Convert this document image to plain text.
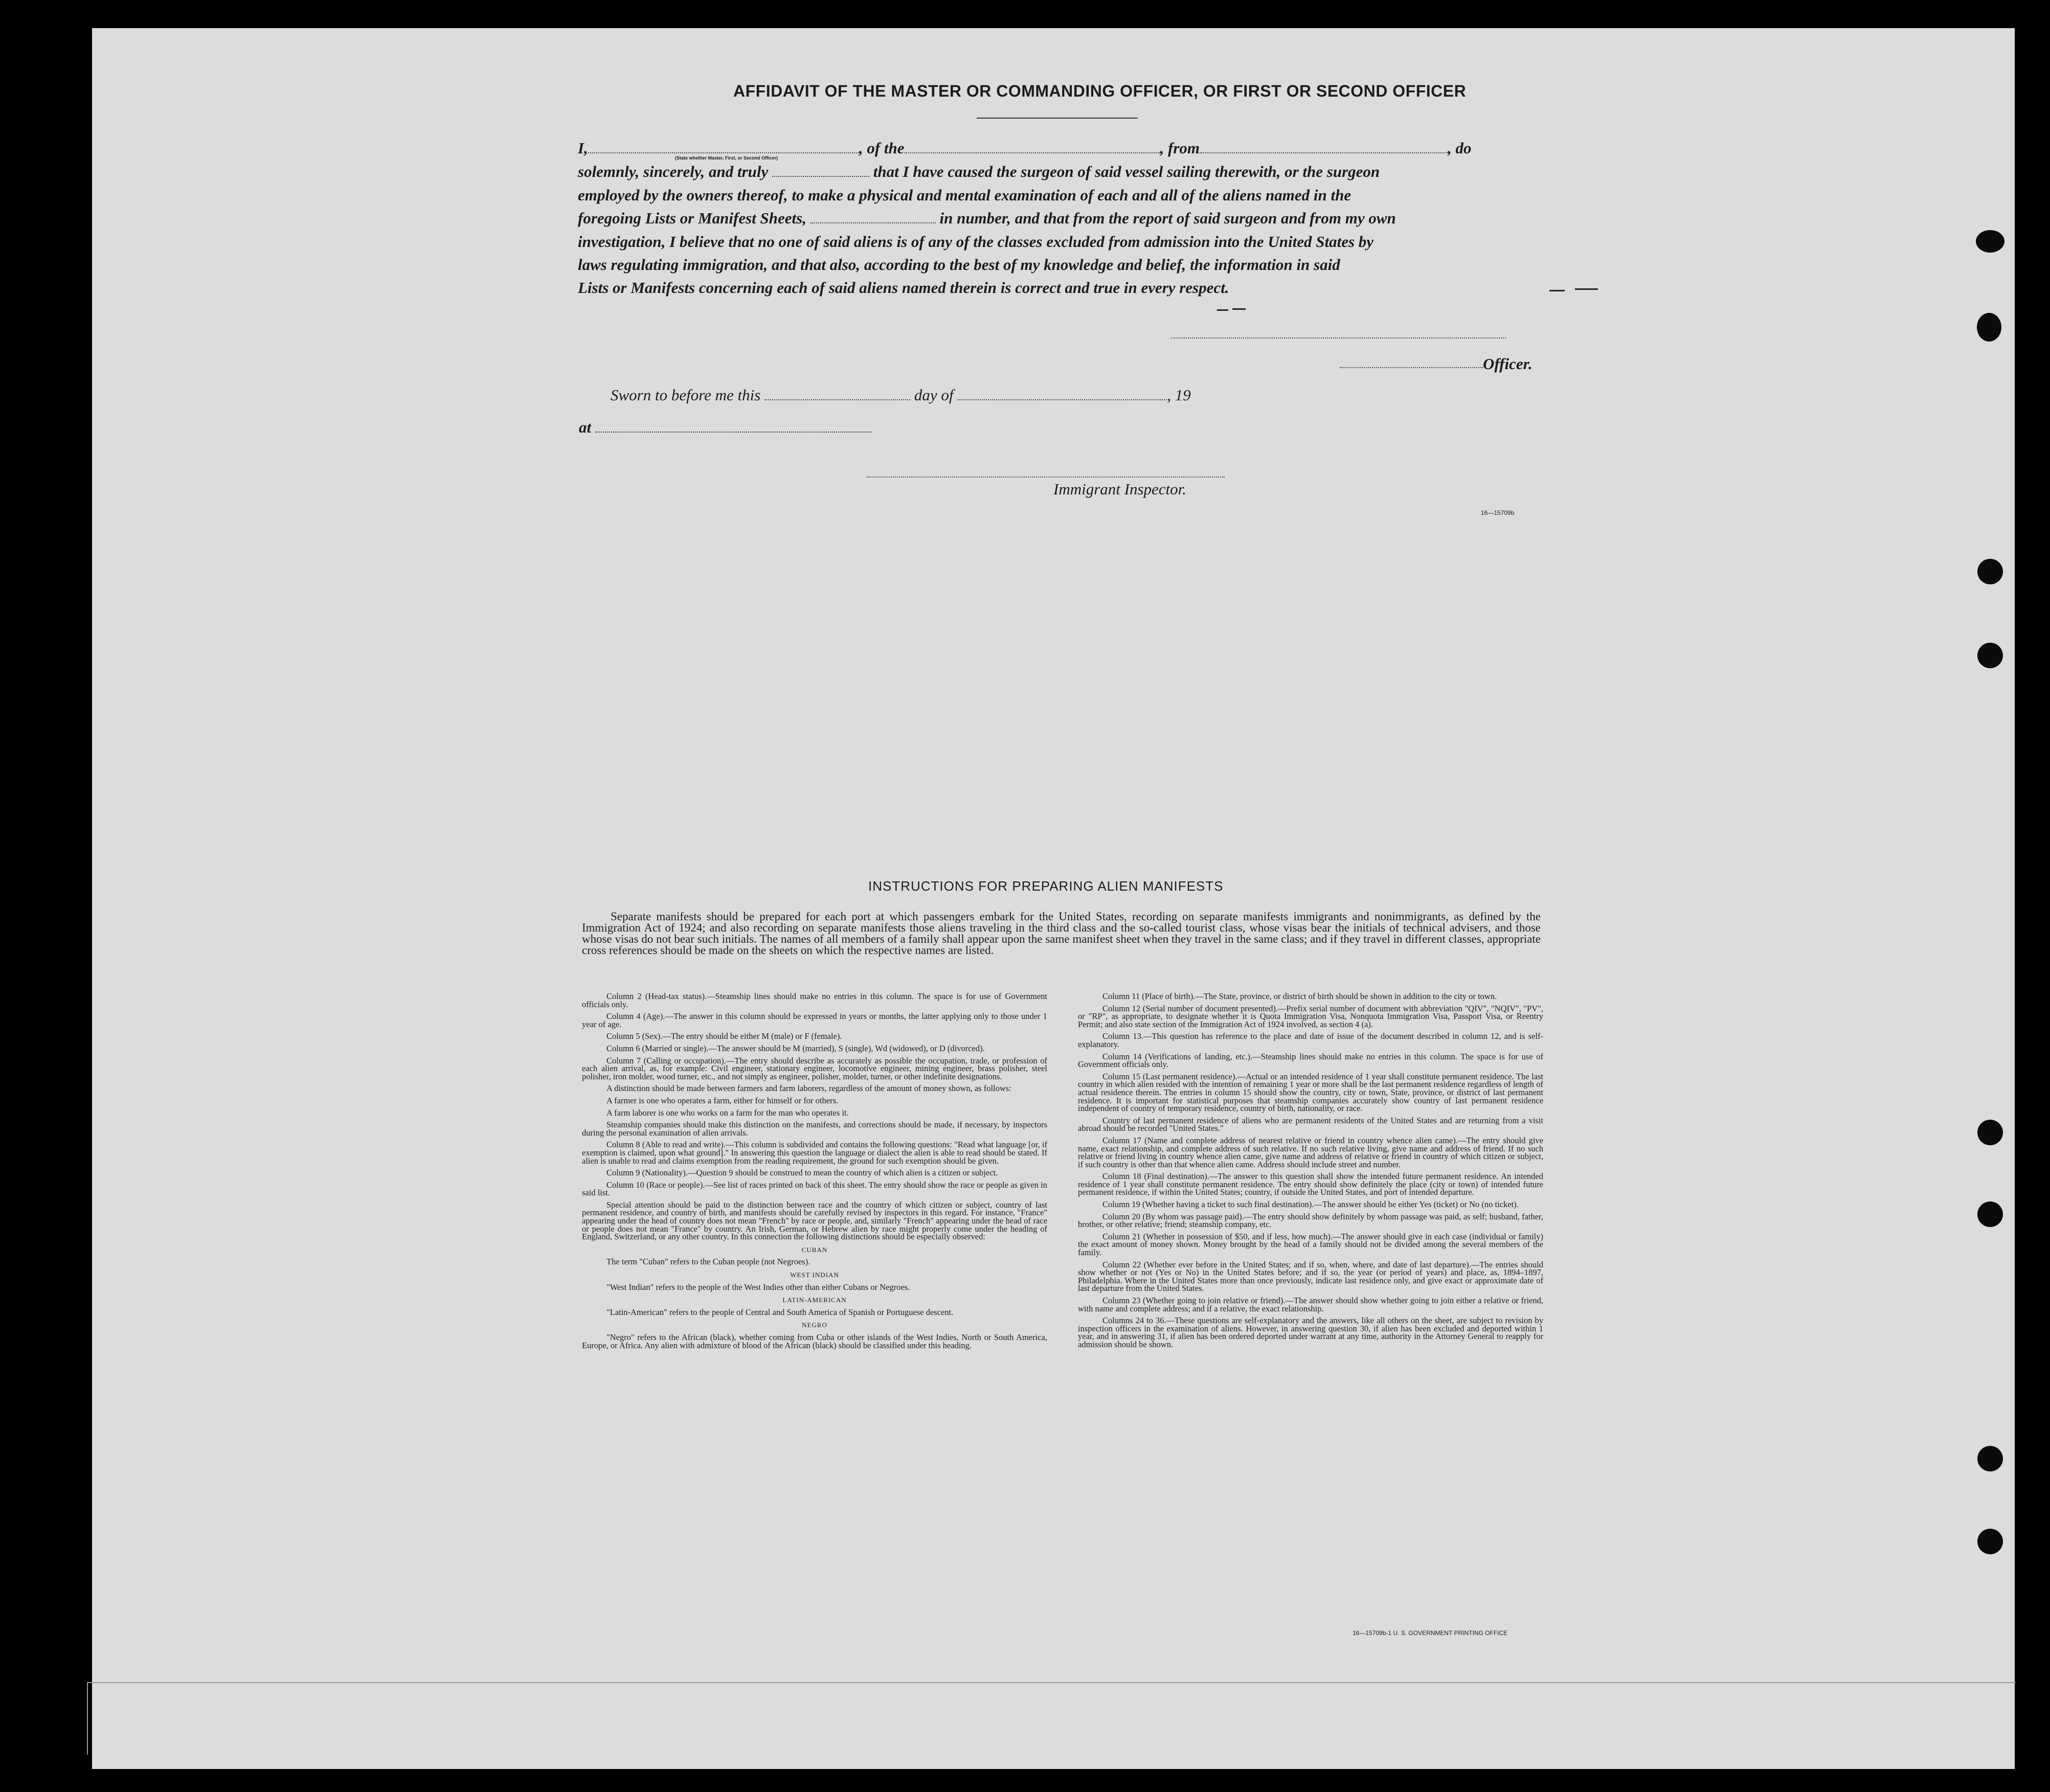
AFFIDAVIT OF THE MASTER OR COMMANDING OFFICER, OR FIRST OR SECOND OFFICER
I,	, of the	, from	, do
(State whether Master, First, or Second Officer)
solemnly, sincerely, and truly	that I have caused the surgeon of said vessel sailing therewith, or the surgeon
employed by the owners thereof, to make a physical and mental examination of each and all of the aliens named in the
foregoing Lists or Manifest Sheets,	in number, and that from the report of said surgeon and from my own
investigation, I believe that no one of said aliens is of any of the classes excluded from admission into the United States by
laws regulating immigration, and that also, according to the best of my knowledge and belief, the information in said
Lists or Manifests concerning each of said aliens named therein is correct and true in every respect.
Officer.
Sworn to before me this	day of	, 19
at
Immigrant Inspector.
16—15709b
INSTRUCTIONS FOR PREPARING ALIEN MANIFESTS

Separate manifests should be prepared for each port at which passengers embark for the United States, recording on separate manifests immigrants and nonimmigrants, as defined by the Immigration Act of 1924; and also recording on separate manifests those aliens traveling in the third class and the so-called tourist class, whose visas bear the initials of technical advisers, and those whose visas do not bear such initials. The names of all members of a family shall appear upon the same manifest sheet when they travel in the same class; and if they travel in different classes, appropriate cross references should be made on the sheets on which the respective names are listed.

Column 2 (Head-tax status).—Steamship lines should make no entries in this column. The space is for use of Government officials only.

Column 4 (Age).—The answer in this column should be expressed in years or months, the latter applying only to those under 1 year of age.

Column 5 (Sex).—The entry should be either M (male) or F (female).

Column 6 (Married or single).—The answer should be M (married), S (single), Wd (widowed), or D (divorced).

Column 7 (Calling or occupation).—The entry should describe as accurately as possible the occupation, trade, or profession of each alien arrival, as, for example: Civil engineer, stationary engineer, locomotive engineer, mining engineer, brass polisher, steel polisher, iron molder, wood turner, etc., and not simply as engineer, polisher, molder, turner, or other indefinite designations.

A distinction should be made between farmers and farm laborers, regardless of the amount of money shown, as follows:

A farmer is one who operates a farm, either for himself or for others.

A farm laborer is one who works on a farm for the man who operates it.

Steamship companies should make this distinction on the manifests, and corrections should be made, if necessary, by inspectors during the personal examination of alien arrivals.

Column 8 (Able to read and write).—This column is subdivided and contains the following questions: "Read what language [or, if exemption is claimed, upon what ground]." In answering this question the language or dialect the alien is able to read should be stated. If alien is unable to read and claims exemption from the reading requirement, the ground for such exemption should be given.

Column 9 (Nationality).—Question 9 should be construed to mean the country of which alien is a citizen or subject.

Column 10 (Race or people).—See list of races printed on back of this sheet. The entry should show the race or people as given in said list.

Special attention should be paid to the distinction between race and the country of which citizen or subject, country of last permanent residence, and country of birth, and manifests should be carefully revised by inspectors in this regard. For instance, "France" appearing under the head of country does not mean "French" by race or people, and, similarly "French" appearing under the head of race or people does not mean "France" by country. An Irish, German, or Hebrew alien by race might properly come under the heading of England, Switzerland, or any other country. In this connection the following distinctions should be especially observed:

CUBAN

The term "Cuban" refers to the Cuban people (not Negroes).

WEST INDIAN

"West Indian" refers to the people of the West Indies other than either Cubans or Negroes.

LATIN-AMERICAN

"Latin-American" refers to the people of Central and South America of Spanish or Portuguese descent.

NEGRO

"Negro" refers to the African (black), whether coming from Cuba or other islands of the West Indies, North or South America, Europe, or Africa. Any alien with admixture of blood of the African (black) should be classified under this heading.

Column 11 (Place of birth).—The State, province, or district of birth should be shown in addition to the city or town.

Column 12 (Serial number of document presented).—Prefix serial number of document with abbreviation "QIV", "NQIV", "PV", or "RP", as appropriate, to designate whether it is Quota Immigration Visa, Nonquota Immigration Visa, Passport Visa, or Reentry Permit; and also state section of the Immigration Act of 1924 involved, as section 4 (a).

Column 13.—This question has reference to the place and date of issue of the document described in column 12, and is self-explanatory.

Column 14 (Verifications of landing, etc.).—Steamship lines should make no entries in this column. The space is for use of Government officials only.

Column 15 (Last permanent residence).—Actual or an intended residence of 1 year shall constitute permanent residence. The last country in which alien resided with the intention of remaining 1 year or more shall be the last permanent residence regardless of length of actual residence therein. The entries in column 15 should show the country, city or town, State, province, or district of last permanent residence. It is important for statistical purposes that steamship companies accurately show country of last permanent residence independent of country of temporary residence, country of birth, nationality, or race.

Country of last permanent residence of aliens who are permanent residents of the United States and are returning from a visit abroad should be recorded "United States."

Column 17 (Name and complete address of nearest relative or friend in country whence alien came).—The entry should give name, exact relationship, and complete address of such relative. If no such relative living, give name and address of friend. If no such relative or friend living in country whence alien came, give name and address of relative or friend in country of which citizen or subject, if such country is other than that whence alien came. Address should include street and number.

Column 18 (Final destination).—The answer to this question shall show the intended future permanent residence. An intended residence of 1 year shall constitute permanent residence. The entry should show definitely the place (city or town) of intended future permanent residence, if within the United States; country, if outside the United States, and port of intended departure.

Column 19 (Whether having a ticket to such final destination).—The answer should be either Yes (ticket) or No (no ticket).

Column 20 (By whom was passage paid).—The entry should show definitely by whom passage was paid, as self; husband, father, brother, or other relative; friend; steamship company, etc.

Column 21 (Whether in possession of $50, and if less, how much).—The answer should give in each case (individual or family) the exact amount of money shown. Money brought by the head of a family should not be divided among the several members of the family.

Column 22 (Whether ever before in the United States; and if so, when, where, and date of last departure).—The entries should show whether or not (Yes or No) in the United States before; and if so, the year (or period of years) and place, as, 1894–1897, Philadelphia. Where in the United States more than once previously, indicate last residence only, and give exact or approximate date of last departure from the United States.

Column 23 (Whether going to join relative or friend).—The answer should show whether going to join either a relative or friend, with name and complete address; and if a relative, the exact relationship.

Columns 24 to 36.—These questions are self-explanatory and the answers, like all others on the sheet, are subject to revision by inspection officers in the examination of aliens. However, in answering question 30, if alien has been excluded and deported within 1 year, and in answering 31, if alien has been ordered deported under warrant at any time, authority in the Attorney General to reapply for admission should be shown.

16—15709b-1 U. S. GOVERNMENT PRINTING OFFICE
